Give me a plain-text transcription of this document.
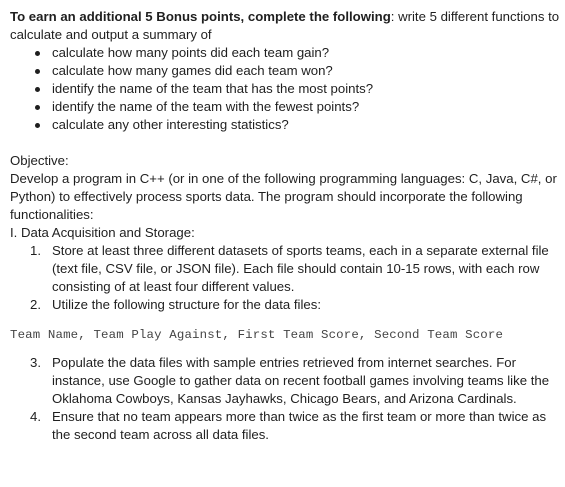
To earn an additional 5 Bonus points, complete the following: write 5 different functions to calculate and output a summary of

calculate how many points did each team gain?
calculate how many games did each team won?
identify the name of the team that has the most points?
identify the name of the team with the fewest points?
calculate any other interesting statistics?

Objective:

Develop a program in C++ (or in one of the following programming languages: C, Java, C#, or Python) to effectively process sports data. The program should incorporate the following functionalities:

I. Data Acquisition and Storage:

1. Store at least three different datasets of sports teams, each in a separate external file (text file, CSV file, or JSON file). Each file should contain 10-15 rows, with each row consisting of at least four different values.
2. Utilize the following structure for the data files:
Team Name, Team Play Against, First Team Score, Second Team Score
3. Populate the data files with sample entries retrieved from internet searches. For instance, use Google to gather data on recent football games involving teams like the Oklahoma Cowboys, Kansas Jayhawks, Chicago Bears, and Arizona Cardinals.
4. Ensure that no team appears more than twice as the first team or more than twice as the second team across all data files.
